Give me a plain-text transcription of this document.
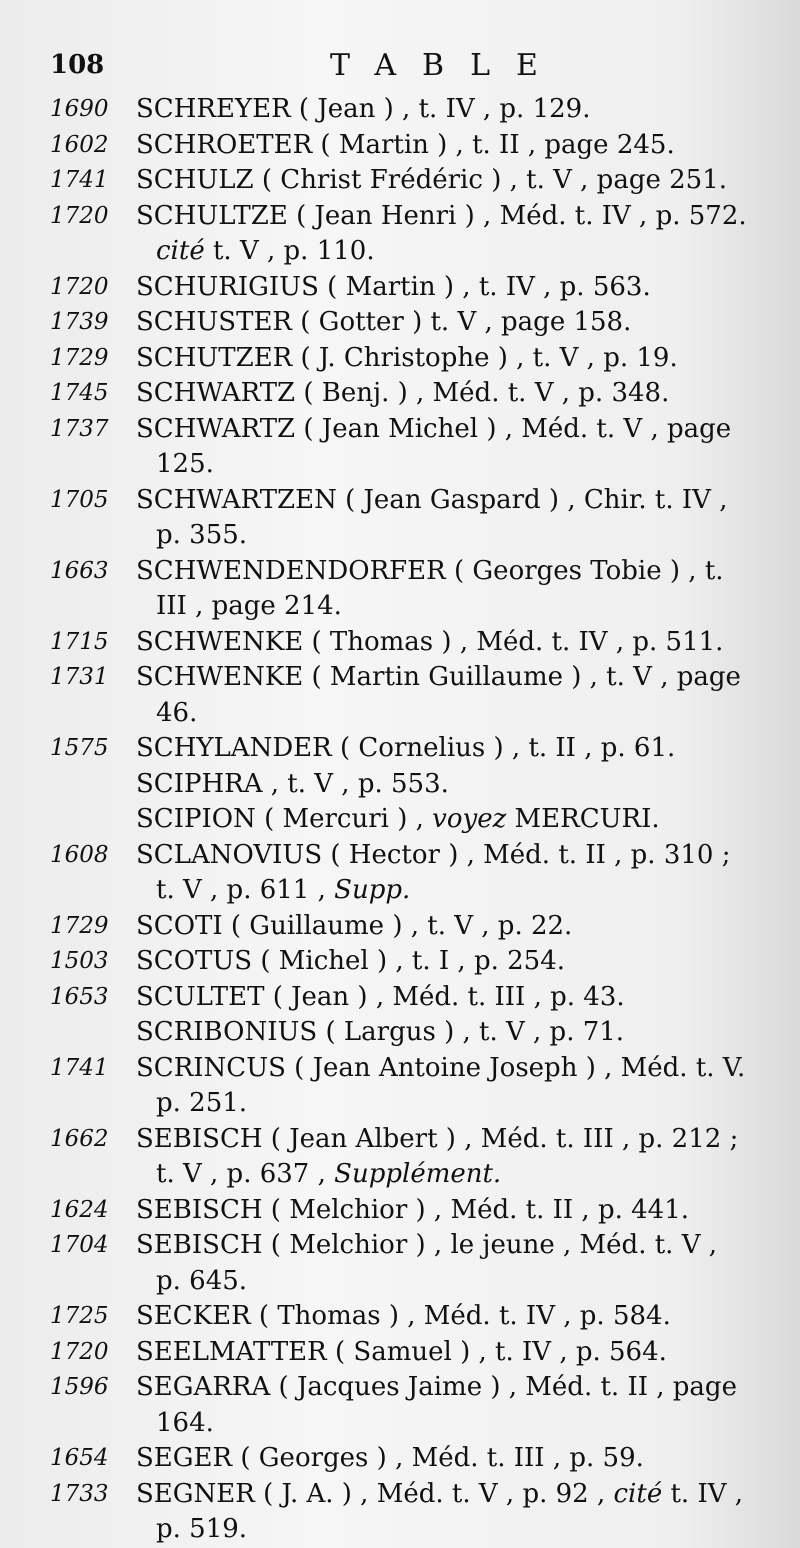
108	TABLE
1690	SCHREYER ( Jean ) , t. IV , p. 129.
1602	SCHROETER ( Martin ) , t. II , page 245.
1741	SCHULZ ( Christ Frédéric ) , t. V , page 251.
1720	SCHULTZE ( Jean Henri ) , Méd. t. IV , p. 572.
cité t. V , p. 110.
1720	SCHURIGIUS ( Martin ) , t. IV , p. 563.
1739	SCHUSTER ( Gotter ) t. V , page 158.
1729	SCHUTZER ( J. Christophe ) , t. V , p. 19.
1745	SCHWARTZ ( Benj. ) , Méd. t. V , p. 348.
1737	SCHWARTZ ( Jean Michel ) , Méd. t. V , page
125.
1705	SCHWARTZEN ( Jean Gaspard ) , Chir. t. IV ,
p. 355.
1663	SCHWENDENDORFER ( Georges Tobie ) , t.
III , page 214.
1715	SCHWENKE ( Thomas ) , Méd. t. IV , p. 511.
1731	SCHWENKE ( Martin Guillaume ) , t. V , page
46.
1575	SCHYLANDER ( Cornelius ) , t. II , p. 61.
SCIPHRA , t. V , p. 553.
SCIPION ( Mercuri ) , voyez MERCURI.
1608	SCLANOVIUS ( Hector ) , Méd. t. II , p. 310 ;
t. V , p. 611 , Supp.
1729	SCOTI ( Guillaume ) , t. V , p. 22.
1503	SCOTUS ( Michel ) , t. I , p. 254.
1653	SCULTET ( Jean ) , Méd. t. III , p. 43.
SCRIBONIUS ( Largus ) , t. V , p. 71.
1741	SCRINCUS ( Jean Antoine Joseph ) , Méd. t. V.
p. 251.
1662	SEBISCH ( Jean Albert ) , Méd. t. III , p. 212 ;
t. V , p. 637 , Supplément.
1624	SEBISCH ( Melchior ) , Méd. t. II , p. 441.
1704	SEBISCH ( Melchior ) , le jeune , Méd. t. V ,
p. 645.
1725	SECKER ( Thomas ) , Méd. t. IV , p. 584.
1720	SEELMATTER ( Samuel ) , t. IV , p. 564.
1596	SEGARRA ( Jacques Jaime ) , Méd. t. II , page
164.
1654	SEGER ( Georges ) , Méd. t. III , p. 59.
1733	SEGNER ( J. A. ) , Méd. t. V , p. 92 , cité t. IV ,
p. 519.
